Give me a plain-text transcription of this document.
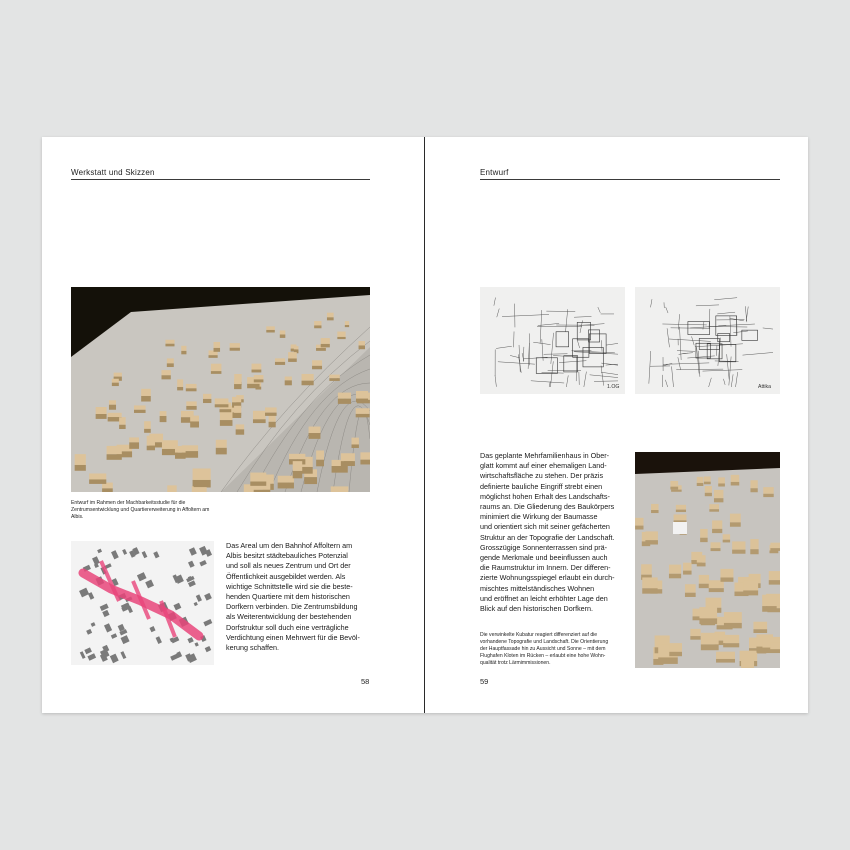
Werkstatt und Skizzen
Entwurf im Rahmen der Machbarkeitsstudie für die Zentrumsentwicklung und Quartiererweiterung in Affoltern am Albis.
Das Areal um den Bahnhof Affoltern am
Albis besitzt städtebauliches Potenzial
und soll als neues Zentrum und Ort der
Öffentlichkeit ausgebildet werden. Als
wichtige Schnittstelle wird sie die beste-
henden Quartiere mit dem historischen
Dorfkern verbinden. Die Zentrumsbildung
als Weiterentwicklung der bestehenden
Dorfstruktur soll duch eine verträgliche
Verdichtung einen Mehrwert für die Bevöl-
kerung schaffen.
58
Entwurf
1.OG	Attika
Das geplante Mehrfamilienhaus in Ober-
glatt kommt auf einer ehemaligen Land-
wirtschaftsfläche zu stehen. Der präzis
definierte bauliche Eingriff strebt einen
möglichst hohen Erhalt des Landschafts-
raums an. Die Gliederung des Baukörpers
minimiert die Wirkung der Baumasse
und orientiert sich mit seiner gefächerten
Struktur an der Topografie der Landschaft.
Grosszügige Sonnenterrassen sind prä-
gende Merkmale und beeinflussen auch
die Raumstruktur im Innern. Der differen-
zierte Wohnungsspiegel erlaubt ein durch-
mischtes mittelständisches Wohnen
und eröffnet an leicht erhöhter Lage den
Blick auf den historischen Dorfkern.
Die verwinkelte Kubatur reagiert differenziert auf die
vorhandene Topografie und Landschaft. Die Orientierung
der Hauptfassade hin zu Aussicht und Sonne – mit dem
Flughafen Kloten im Rücken – erlaubt eine hohe Wohn-
qualität trotz Lärmimmissionen.
59
